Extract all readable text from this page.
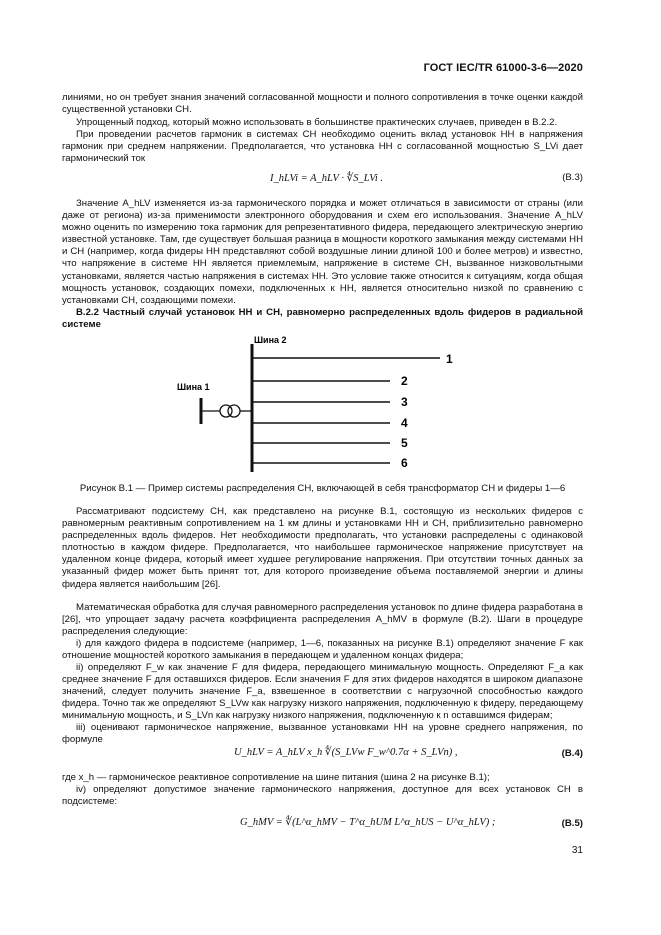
ГОСТ IEC/TR 61000-3-6—2020
линиями, но он требует знания значений согласованной мощности и полного сопротивления в точке оценки каждой существенной установки СН.
Упрощенный подход, который можно использовать в большинстве практических случаев, приведен в В.2.2.
При проведении расчетов гармоник в системах СН необходимо оценить вклад установок НН в напряжения гармоник при среднем напряжении. Предполагается, что установка НН с согласованной мощностью S_LVi дает гармонический ток
I_hLVi = A_hLV · ∜S_LVi .	(В.3)
Значение A_hLV изменяется из-за гармонического порядка и может отличаться в зависимости от страны (или даже от региона) из-за применимости электронного оборудования и схем его использования. Значение A_hLV можно оценить по измерению тока гармоник для репрезентативного фидера, передающего электрическую энергию известной установке. Там, где существует большая разница в мощности короткого замыкания между системами НН и СН (например, когда фидеры НН представляют собой воздушные линии длиной 100 и более метров) и известно, что напряжение в системе НН является приемлемым, напряжение в системе СН, вызванное низковольтными установками, является частью напряжения в системах НН. Это условие также относится к ситуациям, когда общая мощность установок, создающих помехи, подключенных к НН, является относительно низкой по сравнению с установками СН, создающими помехи.
В.2.2 Частный случай установок НН и СН, равномерно распределенных вдоль фидеров в радиальной системе
Шина 1
Шина 2
1
2
3
4
5
6
Рисунок В.1 — Пример системы распределения СН, включающей в себя трансформатор СН и фидеры 1—6
Рассматривают подсистему СН, как представлено на рисунке В.1, состоящую из нескольких фидеров с равномерным реактивным сопротивлением на 1 км длины и установками НН и СН, приблизительно равномерно распределенных вдоль фидеров. Нет необходимости предполагать, что установки распределены с одинаковой плотностью в каждом фидере. Предполагается, что наибольшее гармоническое напряжение присутствует на удаленном конце фидера, который имеет худшее регулирование напряжения. При отсутствии точных данных за указанный фидер может быть принят тот, для которого произведение объема поставляемой энергии и длины фидера является наибольшим [26].
Математическая обработка для случая равномерного распределения установок по длине фидера разработана в [26], что упрощает задачу расчета коэффициента распределения A_hMV в формуле (В.2). Шаги в процедуре распределения следующие:
i) для каждого фидера в подсистеме (например, 1—6, показанных на рисунке В.1) определяют значение F как отношение мощностей короткого замыкания в передающем и удаленном концах фидера;
ii) определяют F_w как значение F для фидера, передающего минимальную мощность. Определяют F_a как среднее значение F для оставшихся фидеров. Если значения F для этих фидеров находятся в широком диапазоне значений, следует получить значение F_a, взвешенное в соответствии с нагрузочной способностью каждого фидера. Точно так же определяют S_LVw как нагрузку низкого напряжения, подключенную к фидеру, передающему минимальную мощность, и S_LVn как нагрузку низкого напряжения, подключенную к n оставшимся фидерам;
iii) оценивают гармоническое напряжение, вызванное установками НН на уровне среднего напряжения, по формуле
U_hLV = A_hLV x_h ∜(S_LVw F_w^0.7α + S_LVn) ,	(В.4)
где x_h — гармоническое реактивное сопротивление на шине питания (шина 2 на рисунке В.1);
iv) определяют допустимое значение гармонического напряжения, доступное для всех установок СН в подсистеме:
G_hMV = ∜(L^α_hMV − T^α_hUM L^α_hUS − U^α_hLV) ;	(В.5)
31
